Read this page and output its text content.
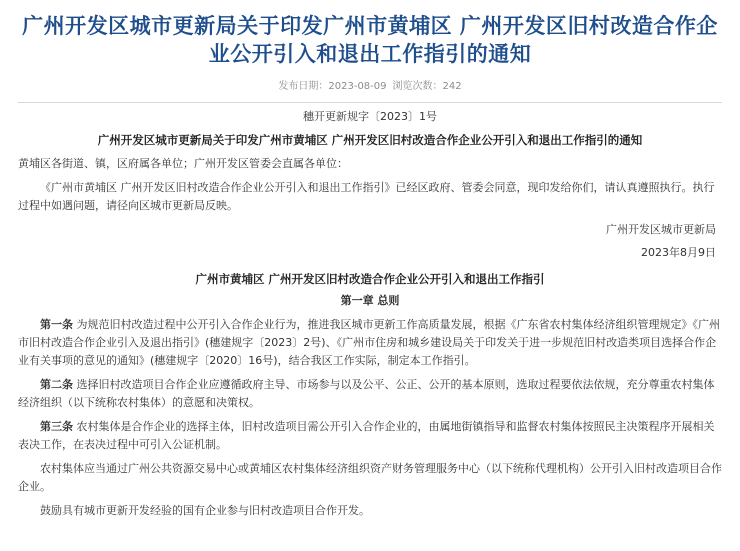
广州开发区城市更新局关于印发广州市黄埔区 广州开发区旧村改造合作企业公开引入和退出工作指引的通知
发布日期：2023-08-09 浏览次数：242
穗开更新规字〔2023〕1号
广州开发区城市更新局关于印发广州市黄埔区 广州开发区旧村改造合作企业公开引入和退出工作指引的通知
黄埔区各街道、镇，区府属各单位；广州开发区管委会直属各单位：

《广州市黄埔区 广州开发区旧村改造合作企业公开引入和退出工作指引》已经区政府、管委会同意，现印发给你们，请认真遵照执行。执行过程中如遇问题，请径向区城市更新局反映。

广州开发区城市更新局
2023年8月9日
广州市黄埔区 广州开发区旧村改造合作企业公开引入和退出工作指引
第一章 总则

第一条 为规范旧村改造过程中公开引入合作企业行为，推进我区城市更新工作高质量发展，根据《广东省农村集体经济组织管理规定》《广州市旧村改造合作企业引入及退出指引》(穗建规字〔2023〕2号)、《广州市住房和城乡建设局关于印发关于进一步规范旧村改造类项目选择合作企业有关事项的意见的通知》(穗建规字〔2020〕16号)，结合我区工作实际，制定本工作指引。

第二条 选择旧村改造项目合作企业应遵循政府主导、市场参与以及公平、公正、公开的基本原则，选取过程要依法依规，充分尊重农村集体经济组织（以下统称农村集体）的意愿和决策权。

第三条 农村集体是合作企业的选择主体，旧村改造项目需公开引入合作企业的，由属地街镇指导和监督农村集体按照民主决策程序开展相关表决工作，在表决过程中可引入公证机制。

农村集体应当通过广州公共资源交易中心或黄埔区农村集体经济组织资产财务管理服务中心（以下统称代理机构）公开引入旧村改造项目合作企业。

鼓励具有城市更新开发经验的国有企业参与旧村改造项目合作开发。
